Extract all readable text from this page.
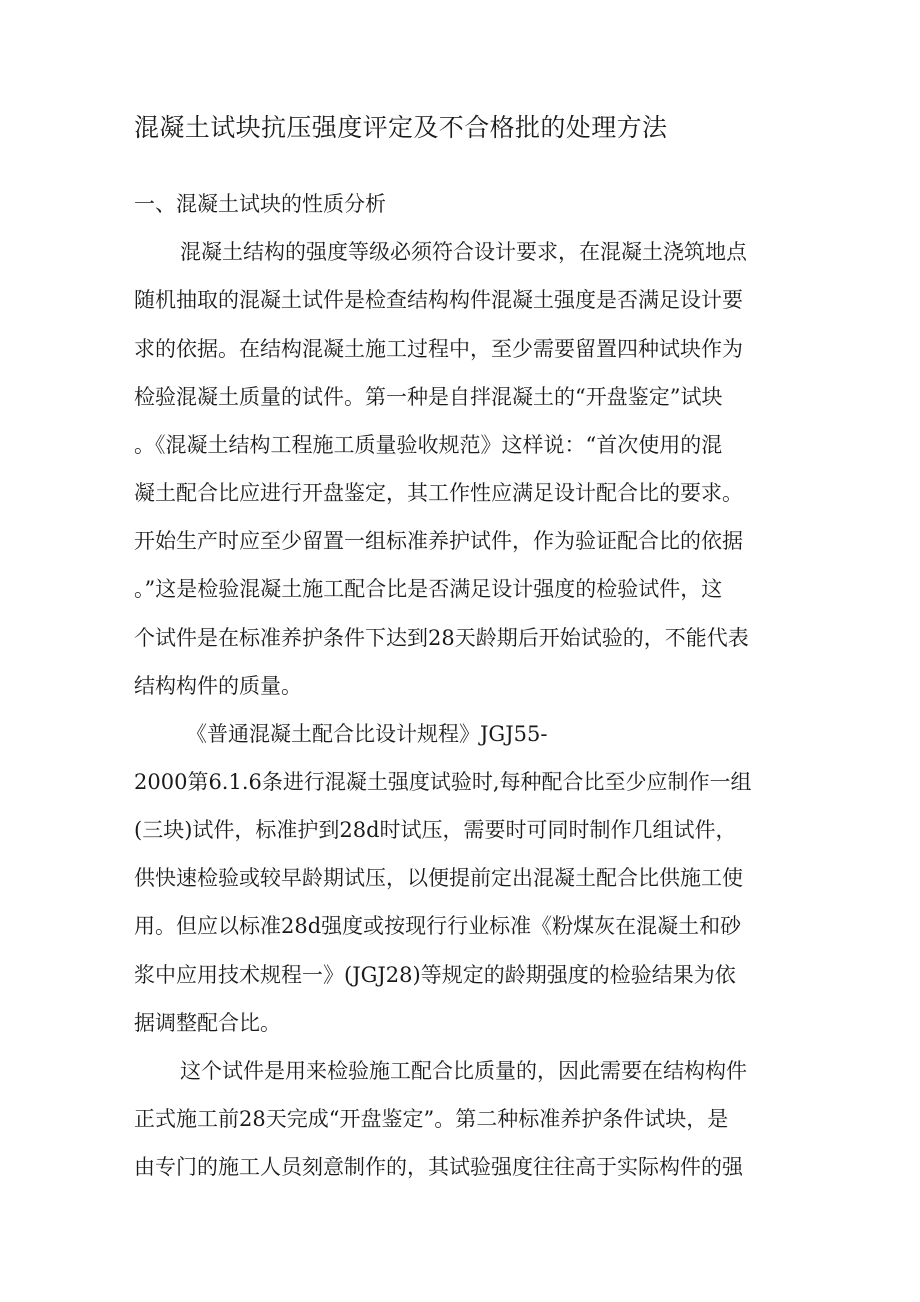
混凝土试块抗压强度评定及不合格批的处理方法
一、混凝土试块的性质分析

混凝土结构的强度等级必须符合设计要求，在混凝土浇筑地点

随机抽取的混凝土试件是检查结构构件混凝土强度是否满足设计要

求的依据。在结构混凝土施工过程中，至少需要留置四种试块作为

检验混凝土质量的试件。第一种是自拌混凝土的“开盘鉴定”试块

。《混凝土结构工程施工质量验收规范》这样说：“首次使用的混

凝土配合比应进行开盘鉴定，其工作性应满足设计配合比的要求。

开始生产时应至少留置一组标准养护试件，作为验证配合比的依据

。”这是检验混凝土施工配合比是否满足设计强度的检验试件，这

个试件是在标准养护条件下达到28天龄期后开始试验的，不能代表

结构构件的质量。

《普通混凝土配合比设计规程》JGJ55-

2000第6.1.6条进行混凝土强度试验时,每种配合比至少应制作一组

(三块)试件，标准护到28d时试压，需要时可同时制作几组试件，

供快速检验或较早龄期试压，以便提前定出混凝土配合比供施工使

用。但应以标准28d强度或按现行行业标准《粉煤灰在混凝土和砂

浆中应用技术规程一》(JGJ28)等规定的龄期强度的检验结果为依

据调整配合比。

这个试件是用来检验施工配合比质量的，因此需要在结构构件

正式施工前28天完成“开盘鉴定”。第二种标准养护条件试块，是

由专门的施工人员刻意制作的，其试验强度往往高于实际构件的强
